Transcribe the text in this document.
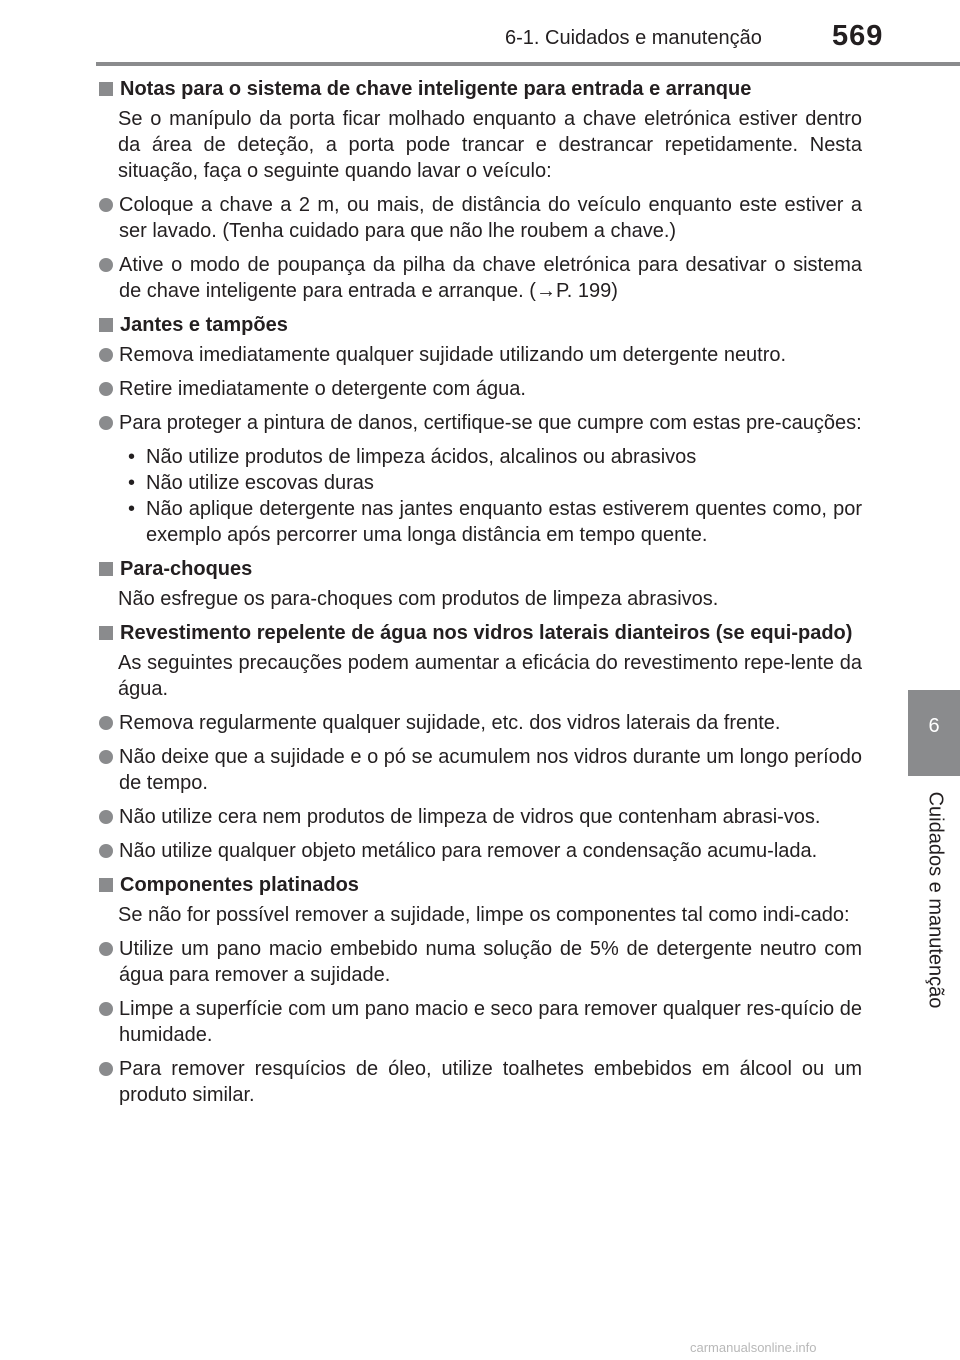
6-1. Cuidados e manutenção 569
6
Cuidados e manutenção
Notas para o sistema de chave inteligente para entrada e arranque
Se o manípulo da porta ficar molhado enquanto a chave eletrónica estiver dentro da área de deteção, a porta pode trancar e destrancar repetidamente. Nesta situação, faça o seguinte quando lavar o veículo:
Coloque a chave a 2 m, ou mais, de distância do veículo enquanto este estiver a ser lavado. (Tenha cuidado para que não lhe roubem a chave.)
Ative o modo de poupança da pilha da chave eletrónica para desativar o sistema de chave inteligente para entrada e arranque. (→P. 199)
Jantes e tampões
Remova imediatamente qualquer sujidade utilizando um detergente neutro.
Retire imediatamente o detergente com água.
Para proteger a pintura de danos, certifique-se que cumpre com estas pre-cauções:
• Não utilize produtos de limpeza ácidos, alcalinos ou abrasivos
• Não utilize escovas duras
• Não aplique detergente nas jantes enquanto estas estiverem quentes como, por exemplo após percorrer uma longa distância em tempo quente.
Para-choques
Não esfregue os para-choques com produtos de limpeza abrasivos.
Revestimento repelente de água nos vidros laterais dianteiros (se equi-pado)
As seguintes precauções podem aumentar a eficácia do revestimento repe-lente da água.
Remova regularmente qualquer sujidade, etc. dos vidros laterais da frente.
Não deixe que a sujidade e o pó se acumulem nos vidros durante um longo período de tempo.
Não utilize cera nem produtos de limpeza de vidros que contenham abrasi-vos.
Não utilize qualquer objeto metálico para remover a condensação acumu-lada.
Componentes platinados
Se não for possível remover a sujidade, limpe os componentes tal como indi-cado:
Utilize um pano macio embebido numa solução de 5% de detergente neutro com água para remover a sujidade.
Limpe a superfície com um pano macio e seco para remover qualquer res-quício de humidade.
Para remover resquícios de óleo, utilize toalhetes embebidos em álcool ou um produto similar.
carmanualsonline.info
